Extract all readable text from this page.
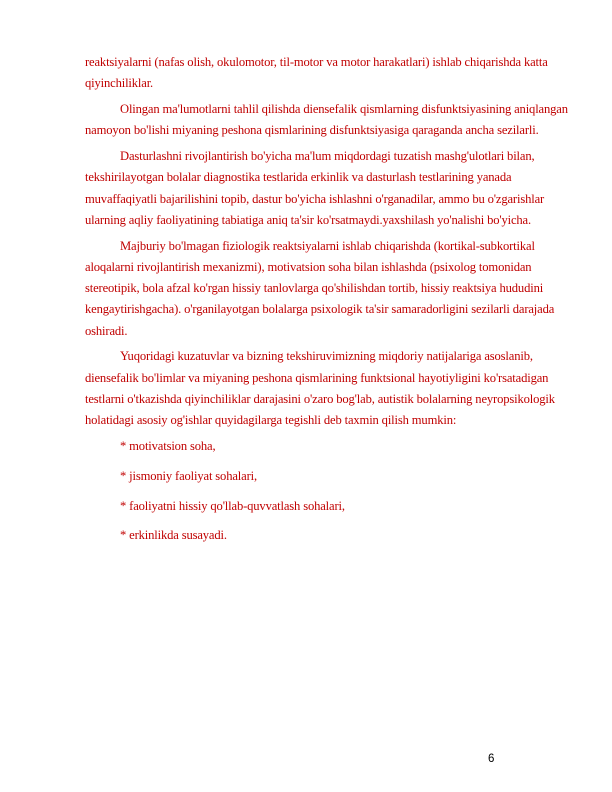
reaktsiyalarni (nafas olish, okulomotor, til-motor va motor harakatlari) ishlab chiqarishda katta qiyinchiliklar.

Olingan ma'lumotlarni tahlil qilishda diensefalik qismlarning disfunktsiyasining aniqlangan namoyon bo'lishi miyaning peshona qismlarining disfunktsiyasiga qaraganda ancha sezilarli.

Dasturlashni rivojlantirish bo'yicha ma'lum miqdordagi tuzatish mashg'ulotlari bilan, tekshirilayotgan bolalar diagnostika testlarida erkinlik va dasturlash testlarining yanada muvaffaqiyatli bajarilishini topib, dastur bo'yicha ishlashni o'rganadilar, ammo bu o'zgarishlar ularning aqliy faoliyatining tabiatiga aniq ta'sir ko'rsatmaydi.yaxshilash yo'nalishi bo'yicha.

Majburiy bo'lmagan fiziologik reaktsiyalarni ishlab chiqarishda (kortikal-subkortikal aloqalarni rivojlantirish mexanizmi), motivatsion soha bilan ishlashda (psixolog tomonidan stereotipik, bola afzal ko'rgan hissiy tanlovlarga qo'shilishdan tortib, hissiy reaktsiya hududini kengaytirishgacha). o'rganilayotgan bolalarga psixologik ta'sir samaradorligini sezilarli darajada oshiradi.

Yuqoridagi kuzatuvlar va bizning tekshiruvimizning miqdoriy natijalariga asoslanib, diensefalik bo'limlar va miyaning peshona qismlarining funktsional hayotiyligini ko'rsatadigan testlarni o'tkazishda qiyinchiliklar darajasini o'zaro bog'lab, autistik bolalarning neyropsikologik holatidagi asosiy og'ishlar quyidagilarga tegishli deb taxmin qilish mumkin:

* motivatsion soha,

* jismoniy faoliyat sohalari,

* faoliyatni hissiy qo'llab-quvvatlash sohalari,

* erkinlikda susayadi.

6
